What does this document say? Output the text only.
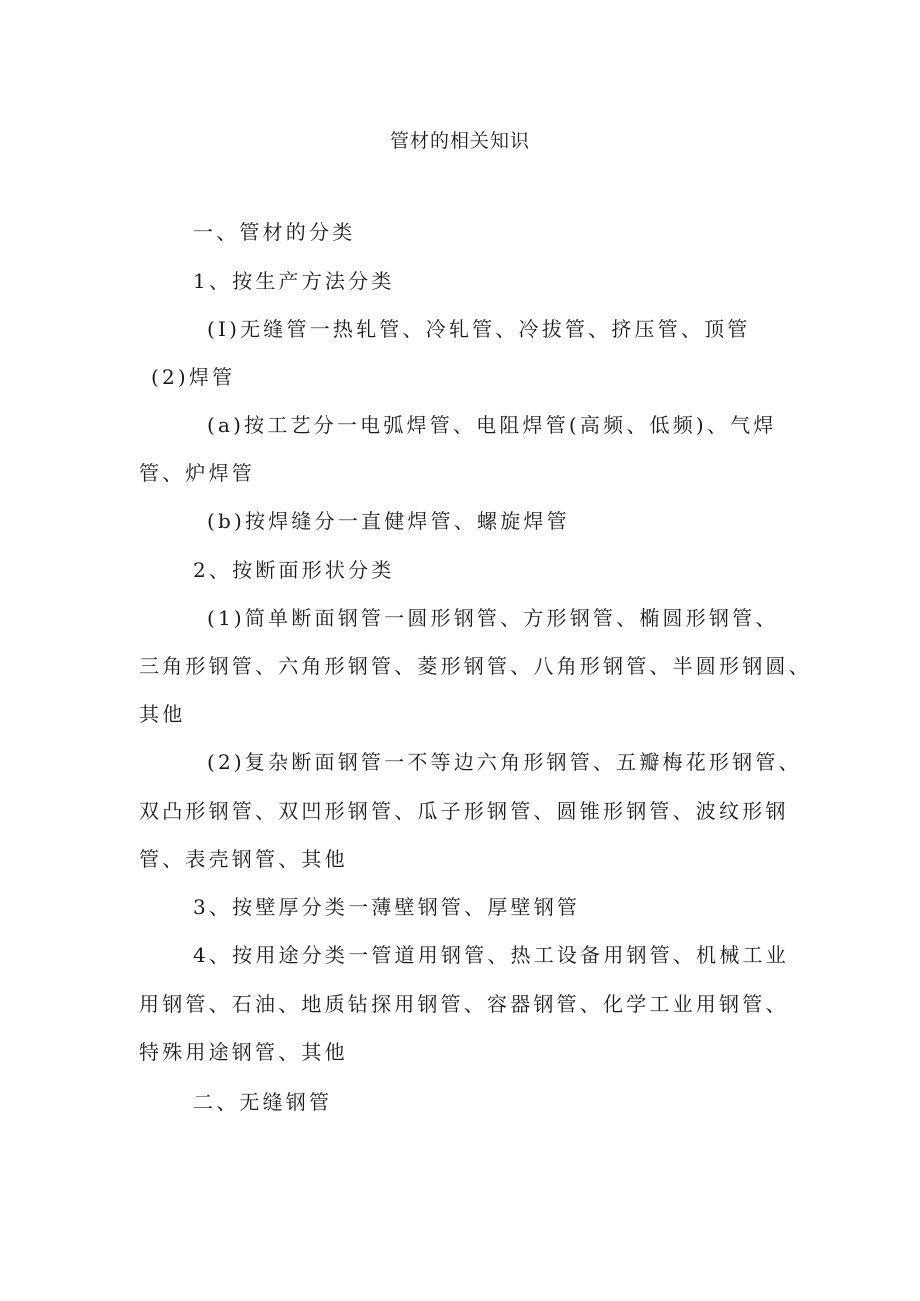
管材的相关知识
一、管材的分类
1、按生产方法分类
(I)无缝管一热轧管、冷轧管、冷拔管、挤压管、顶管
(2)焊管
(a)按工艺分一电弧焊管、电阻焊管(高频、低频)、气焊
管、炉焊管
(b)按焊缝分一直健焊管、螺旋焊管
2、按断面形状分类
(1)简单断面钢管一圆形钢管、方形钢管、椭圆形钢管、
三角形钢管、六角形钢管、菱形钢管、八角形钢管、半圆形钢圆、
其他
(2)复杂断面钢管一不等边六角形钢管、五瓣梅花形钢管、
双凸形钢管、双凹形钢管、瓜子形钢管、圆锥形钢管、波纹形钢
管、表壳钢管、其他
3、按壁厚分类一薄壁钢管、厚壁钢管
4、按用途分类一管道用钢管、热工设备用钢管、机械工业
用钢管、石油、地质钻探用钢管、容器钢管、化学工业用钢管、
特殊用途钢管、其他
二、无缝钢管
